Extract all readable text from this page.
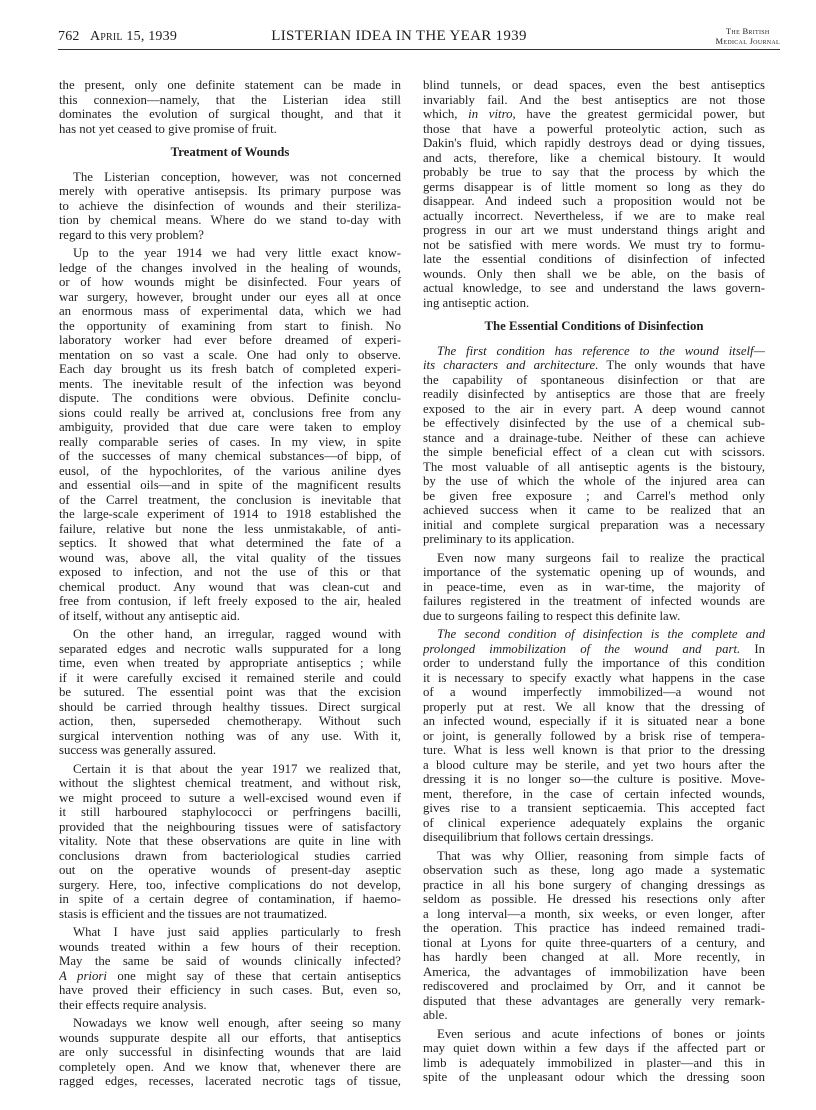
762 April 15, 1939	LISTERIAN IDEA IN THE YEAR 1939	The British
Medical Journal
the present, only one definite statement can be made in
this connexion—namely, that the Listerian idea still
dominates the evolution of surgical thought, and that it
has not yet ceased to give promise of fruit.
Treatment of Wounds
The Listerian conception, however, was not concerned
merely with operative antisepsis. Its primary purpose was
to achieve the disinfection of wounds and their steriliza-
tion by chemical means. Where do we stand to-day with
regard to this very problem?
Up to the year 1914 we had very little exact know-
ledge of the changes involved in the healing of wounds,
or of how wounds might be disinfected. Four years of
war surgery, however, brought under our eyes all at once
an enormous mass of experimental data, which we had
the opportunity of examining from start to finish. No
laboratory worker had ever before dreamed of experi-
mentation on so vast a scale. One had only to observe.
Each day brought us its fresh batch of completed experi-
ments. The inevitable result of the infection was beyond
dispute. The conditions were obvious. Definite conclu-
sions could really be arrived at, conclusions free from any
ambiguity, provided that due care were taken to employ
really comparable series of cases. In my view, in spite
of the successes of many chemical substances—of bipp, of
eusol, of the hypochlorites, of the various aniline dyes
and essential oils—and in spite of the magnificent results
of the Carrel treatment, the conclusion is inevitable that
the large-scale experiment of 1914 to 1918 established the
failure, relative but none the less unmistakable, of anti-
septics. It showed that what determined the fate of a
wound was, above all, the vital quality of the tissues
exposed to infection, and not the use of this or that
chemical product. Any wound that was clean-cut and
free from contusion, if left freely exposed to the air, healed
of itself, without any antiseptic aid.
On the other hand, an irregular, ragged wound with
separated edges and necrotic walls suppurated for a long
time, even when treated by appropriate antiseptics ; while
if it were carefully excised it remained sterile and could
be sutured. The essential point was that the excision
should be carried through healthy tissues. Direct surgical
action, then, superseded chemotherapy. Without such
surgical intervention nothing was of any use. With it,
success was generally assured.
Certain it is that about the year 1917 we realized that,
without the slightest chemical treatment, and without risk,
we might proceed to suture a well-excised wound even if
it still harboured staphylococci or perfringens bacilli,
provided that the neighbouring tissues were of satisfactory
vitality. Note that these observations are quite in line with
conclusions drawn from bacteriological studies carried
out on the operative wounds of present-day aseptic
surgery. Here, too, infective complications do not develop,
in spite of a certain degree of contamination, if haemo-
stasis is efficient and the tissues are not traumatized.
What I have just said applies particularly to fresh
wounds treated within a few hours of their reception.
May the same be said of wounds clinically infected?
A priori one might say of these that certain antiseptics
have proved their efficiency in such cases. But, even so,
their effects require analysis.
Nowadays we know well enough, after seeing so many
wounds suppurate despite all our efforts, that antiseptics
are only successful in disinfecting wounds that are laid
completely open. And we know that, whenever there are
ragged edges, recesses, lacerated necrotic tags of tissue,
blind tunnels, or dead spaces, even the best antiseptics
invariably fail. And the best antiseptics are not those
which, in vitro, have the greatest germicidal power, but
those that have a powerful proteolytic action, such as
Dakin's fluid, which rapidly destroys dead or dying tissues,
and acts, therefore, like a chemical bistoury. It would
probably be true to say that the process by which the
germs disappear is of little moment so long as they do
disappear. And indeed such a proposition would not be
actually incorrect. Nevertheless, if we are to make real
progress in our art we must understand things aright and
not be satisfied with mere words. We must try to formu-
late the essential conditions of disinfection of infected
wounds. Only then shall we be able, on the basis of
actual knowledge, to see and understand the laws govern-
ing antiseptic action.
The Essential Conditions of Disinfection
The first condition has reference to the wound itself—
its characters and architecture. The only wounds that have
the capability of spontaneous disinfection or that are
readily disinfected by antiseptics are those that are freely
exposed to the air in every part. A deep wound cannot
be effectively disinfected by the use of a chemical sub-
stance and a drainage-tube. Neither of these can achieve
the simple beneficial effect of a clean cut with scissors.
The most valuable of all antiseptic agents is the bistoury,
by the use of which the whole of the injured area can
be given free exposure ; and Carrel's method only
achieved success when it came to be realized that an
initial and complete surgical preparation was a necessary
preliminary to its application.
Even now many surgeons fail to realize the practical
importance of the systematic opening up of wounds, and
in peace-time, even as in war-time, the majority of
failures registered in the treatment of infected wounds are
due to surgeons failing to respect this definite law.
The second condition of disinfection is the complete and
prolonged immobilization of the wound and part. In
order to understand fully the importance of this condition
it is necessary to specify exactly what happens in the case
of a wound imperfectly immobilized—a wound not
properly put at rest. We all know that the dressing of
an infected wound, especially if it is situated near a bone
or joint, is generally followed by a brisk rise of tempera-
ture. What is less well known is that prior to the dressing
a blood culture may be sterile, and yet two hours after the
dressing it is no longer so—the culture is positive. Move-
ment, therefore, in the case of certain infected wounds,
gives rise to a transient septicaemia. This accepted fact
of clinical experience adequately explains the organic
disequilibrium that follows certain dressings.
That was why Ollier, reasoning from simple facts of
observation such as these, long ago made a systematic
practice in all his bone surgery of changing dressings as
seldom as possible. He dressed his resections only after
a long interval—a month, six weeks, or even longer, after
the operation. This practice has indeed remained tradi-
tional at Lyons for quite three-quarters of a century, and
has hardly been changed at all. More recently, in
America, the advantages of immobilization have been
rediscovered and proclaimed by Orr, and it cannot be
disputed that these advantages are generally very remark-
able.
Even serious and acute infections of bones or joints
may quiet down within a few days if the affected part or
limb is adequately immobilized in plaster—and this in
spite of the unpleasant odour which the dressing soon
